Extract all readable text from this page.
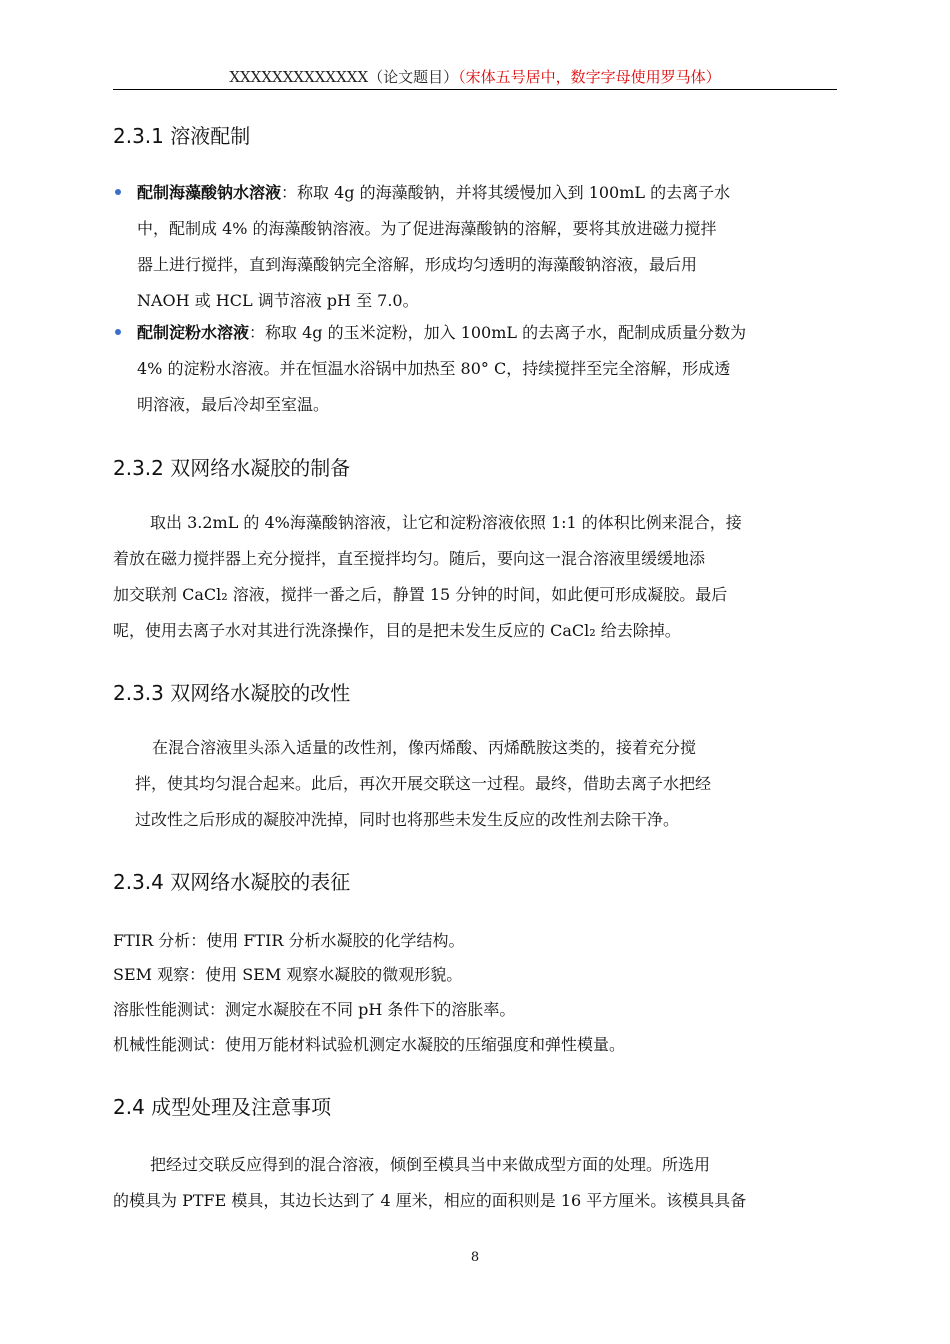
XXXXXXXXXXXXX（论文题目）（宋体五号居中，数字字母使用罗马体）
2.3.1 溶液配制
配制海藻酸钠水溶液：称取 4g 的海藻酸钠，并将其缓慢加入到 100mL 的去离子水
中，配制成 4% 的海藻酸钠溶液。为了促进海藻酸钠的溶解，要将其放进磁力搅拌
器上进行搅拌，直到海藻酸钠完全溶解，形成均匀透明的海藻酸钠溶液，最后用
NAOH 或 HCL 调节溶液 pH 至 7.0。
配制淀粉水溶液：称取 4g 的玉米淀粉，加入 100mL 的去离子水，配制成质量分数为
4% 的淀粉水溶液。并在恒温水浴锅中加热至 80° C，持续搅拌至完全溶解，形成透
明溶液，最后冷却至室温。
2.3.2 双网络水凝胶的制备
取出 3.2mL 的 4%海藻酸钠溶液，让它和淀粉溶液依照 1:1 的体积比例来混合，接
着放在磁力搅拌器上充分搅拌，直至搅拌均匀。随后，要向这一混合溶液里缓缓地添
加交联剂 CaCl₂ 溶液，搅拌一番之后，静置 15 分钟的时间，如此便可形成凝胶。最后
呢，使用去离子水对其进行洗涤操作，目的是把未发生反应的 CaCl₂ 给去除掉。
2.3.3 双网络水凝胶的改性
在混合溶液里头添入适量的改性剂，像丙烯酸、丙烯酰胺这类的，接着充分搅
拌，使其均匀混合起来。此后，再次开展交联这一过程。最终，借助去离子水把经
过改性之后形成的凝胶冲洗掉，同时也将那些未发生反应的改性剂去除干净。
2.3.4 双网络水凝胶的表征
FTIR 分析：使用 FTIR 分析水凝胶的化学结构。
SEM 观察：使用 SEM 观察水凝胶的微观形貌。
溶胀性能测试：测定水凝胶在不同 pH 条件下的溶胀率。
机械性能测试：使用万能材料试验机测定水凝胶的压缩强度和弹性模量。
2.4 成型处理及注意事项
把经过交联反应得到的混合溶液，倾倒至模具当中来做成型方面的处理。所选用
的模具为 PTFE 模具，其边长达到了 4 厘米，相应的面积则是 16 平方厘米。该模具具备
8
